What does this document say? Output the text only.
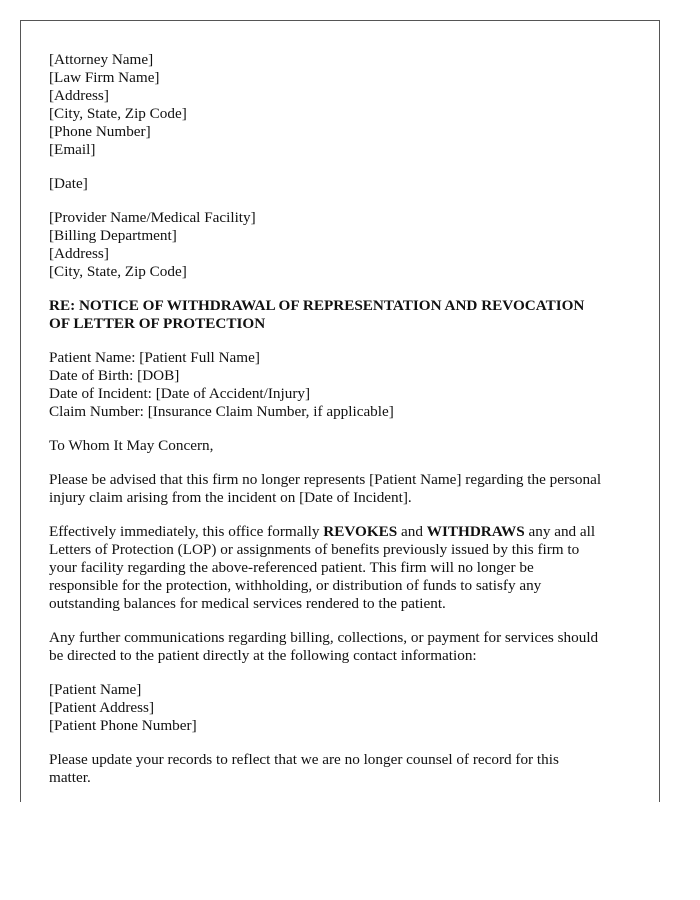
[Attorney Name]
[Law Firm Name]
[Address]
[City, State, Zip Code]
[Phone Number]
[Email]
[Date]
[Provider Name/Medical Facility]
[Billing Department]
[Address]
[City, State, Zip Code]
RE: NOTICE OF WITHDRAWAL OF REPRESENTATION AND REVOCATION
OF LETTER OF PROTECTION
Patient Name: [Patient Full Name]
Date of Birth: [DOB]
Date of Incident: [Date of Accident/Injury]
Claim Number: [Insurance Claim Number, if applicable]
To Whom It May Concern,

Please be advised that this firm no longer represents [Patient Name] regarding the personal
injury claim arising from the incident on [Date of Incident].

Effectively immediately, this office formally REVOKES and WITHDRAWS any and all
Letters of Protection (LOP) or assignments of benefits previously issued by this firm to
your facility regarding the above-referenced patient. This firm will no longer be
responsible for the protection, withholding, or distribution of funds to satisfy any
outstanding balances for medical services rendered to the patient.

Any further communications regarding billing, collections, or payment for services should
be directed to the patient directly at the following contact information:

[Patient Name]
[Patient Address]
[Patient Phone Number]

Please update your records to reflect that we are no longer counsel of record for this
matter.
